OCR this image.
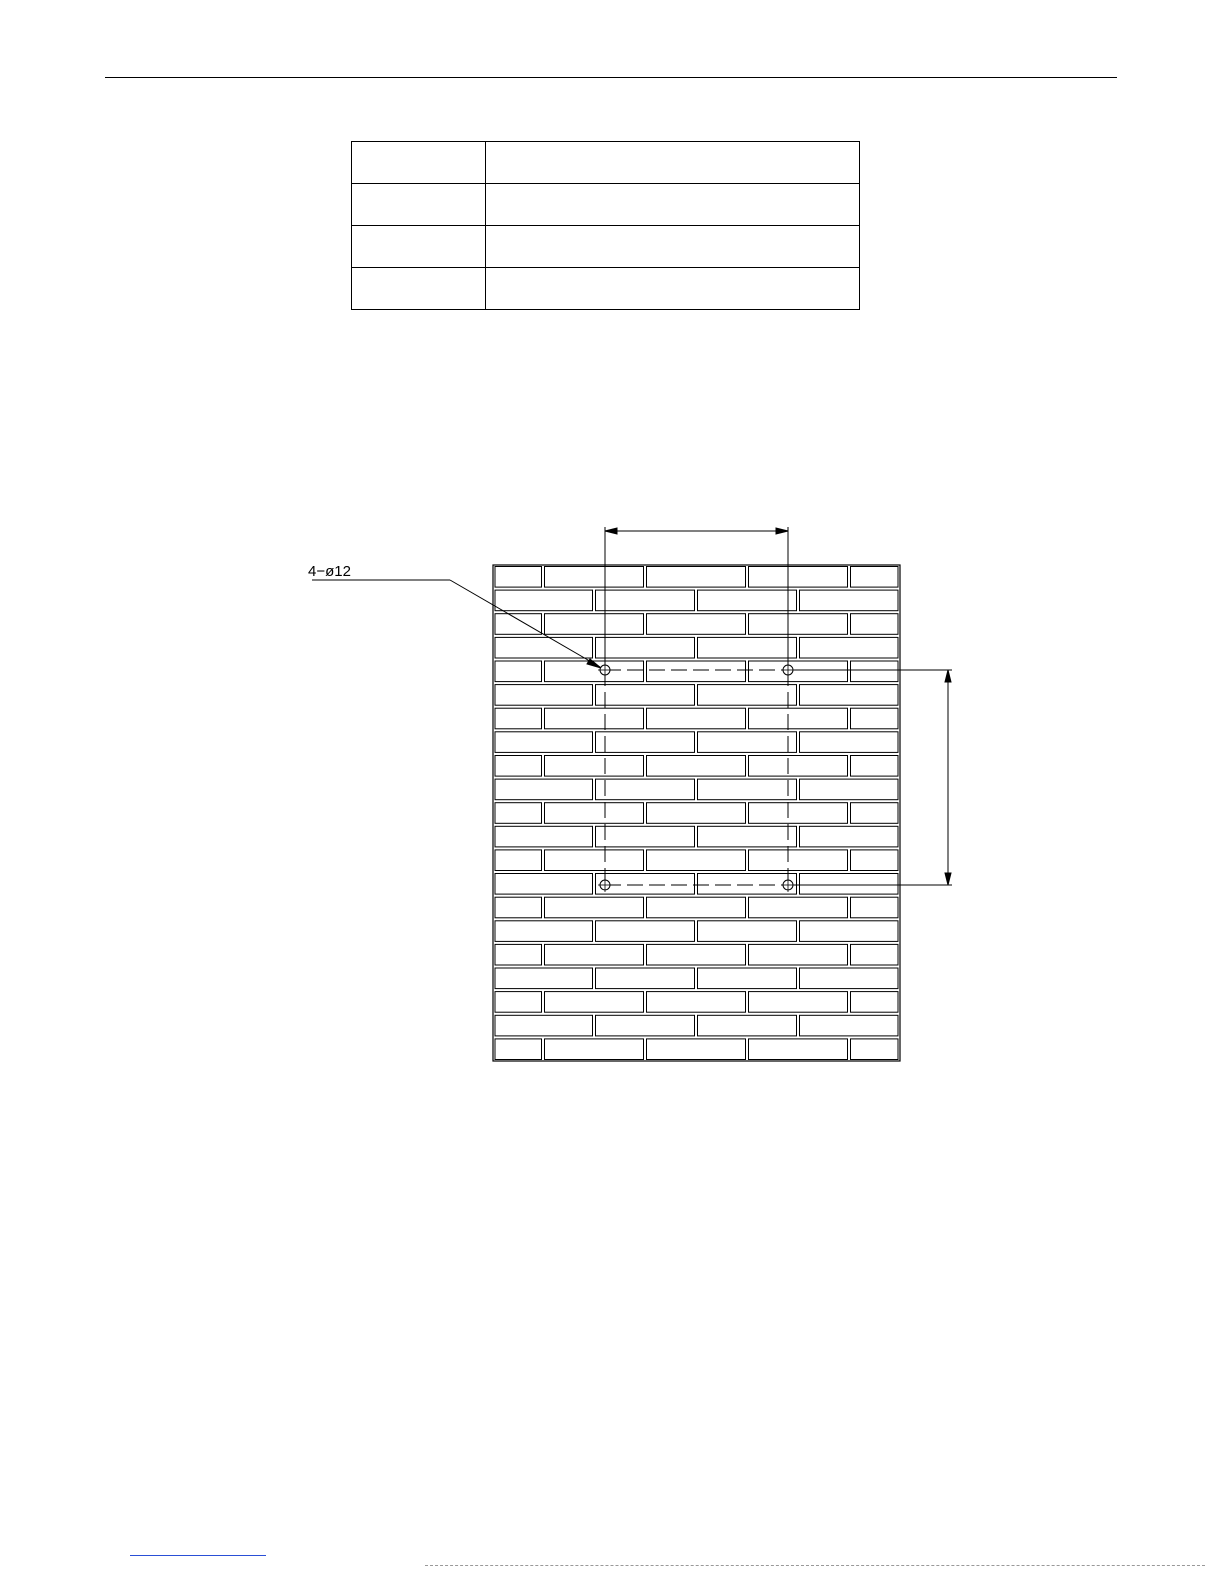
4−ø12
